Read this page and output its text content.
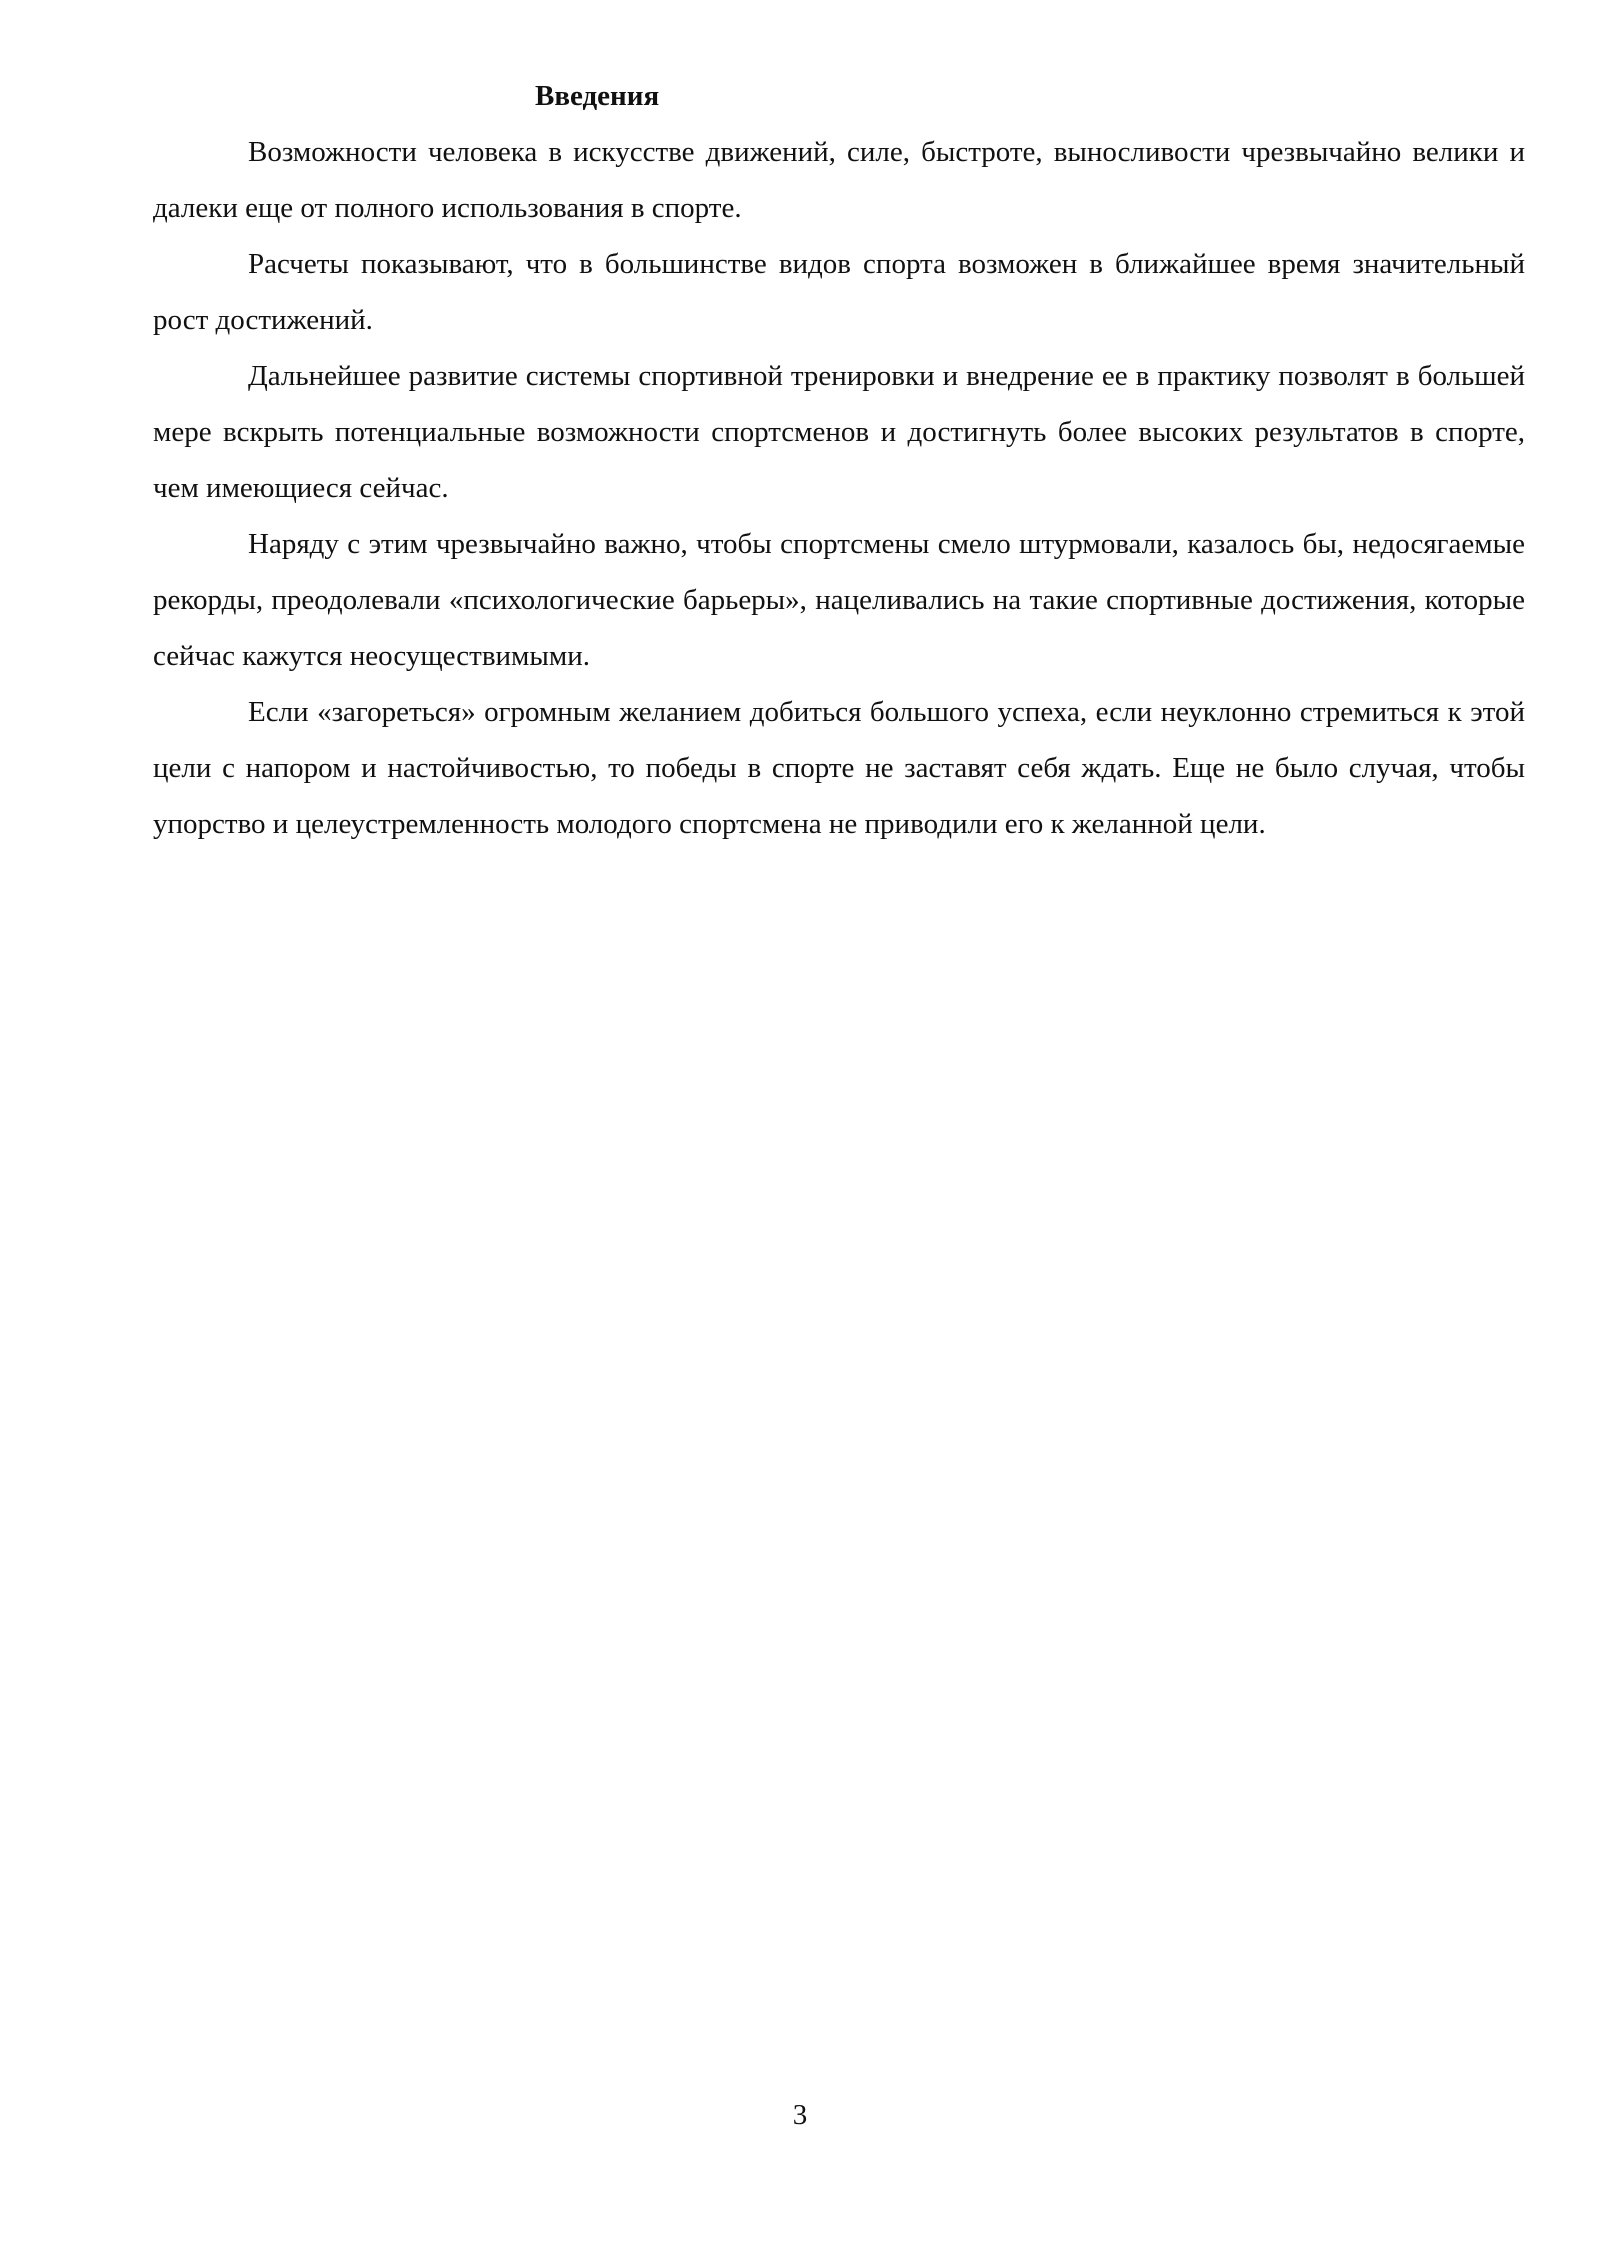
Введения

Возможности человека в искусстве движений, силе, быстроте, выносливости чрезвычайно велики и далеки еще от полного использования в спорте.

Расчеты показывают, что в большинстве видов спорта возможен в ближайшее время значительный рост достижений.

Дальнейшее развитие системы спортивной тренировки и внедрение ее в практику позволят в большей мере вскрыть потенциальные возможности спортсменов и достигнуть более высоких результатов в спорте, чем имеющиеся сейчас.

Наряду с этим чрезвычайно важно, чтобы спортсмены смело штурмовали, казалось бы, недосягаемые рекорды, преодолевали «психологические барьеры», нацеливались на такие спортивные достижения, которые сейчас кажутся неосуществимыми.

Если «загореться» огромным желанием добиться большого успеха, если неуклонно стремиться к этой цели с напором и настойчивостью, то победы в спорте не заставят себя ждать. Еще не было случая, чтобы упорство и целеустремленность молодого спортсмена не приводили его к желанной цели.

3
